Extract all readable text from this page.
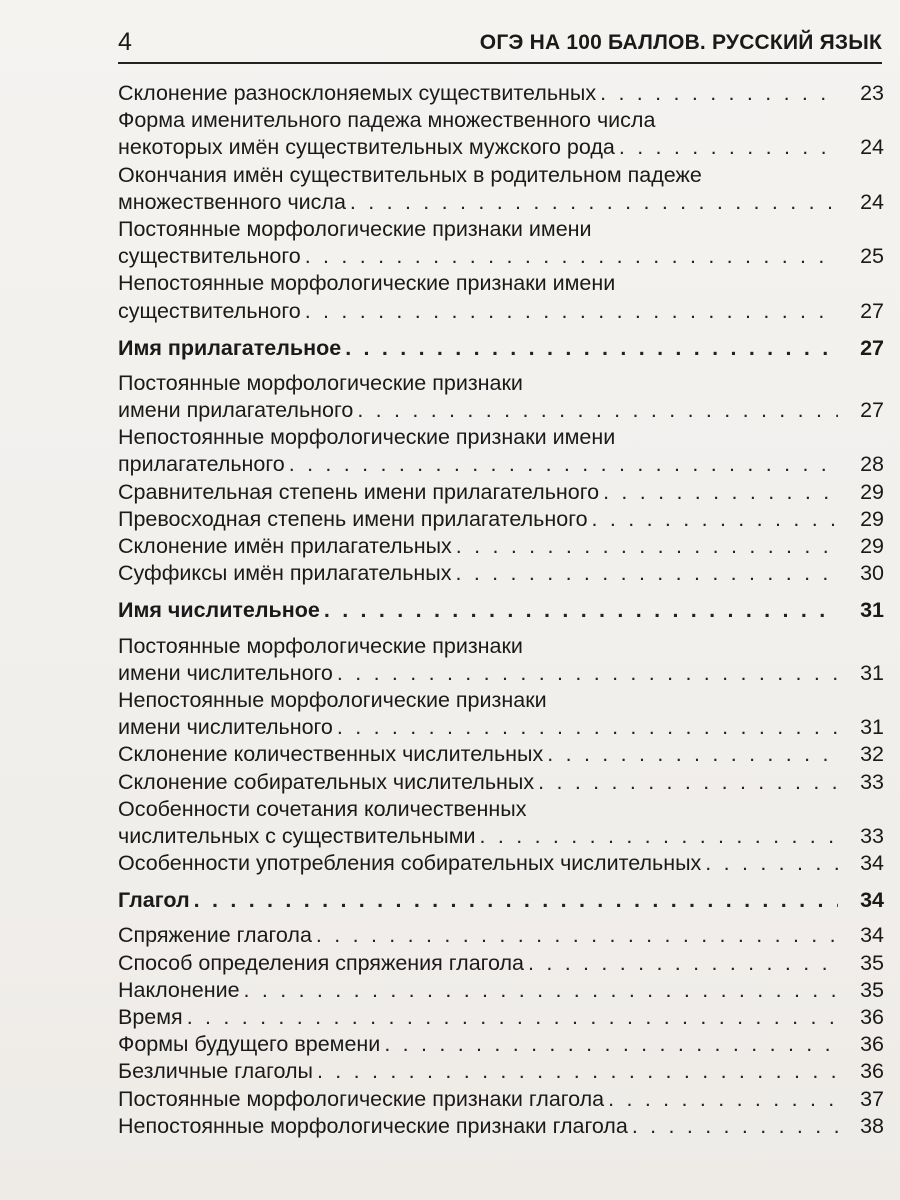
4	ОГЭ НА 100 БАЛЛОВ. РУССКИЙ ЯЗЫК
Склонение разносклоняемых существительных . . .	23
Форма именительного падежа множественного числа
некоторых имён существительных мужского рода . . .	24
Окончания имён существительных в родительном падеже
множественного числа . . .	24
Постоянные морфологические признаки имени
существительного . . .	25
Непостоянные морфологические признаки имени
существительного . . .	27
Имя прилагательное . . .	27
Постоянные морфологические признаки
имени прилагательного . . .	27
Непостоянные морфологические признаки имени
прилагательного . . .	28
Сравнительная степень имени прилагательного . . .	29
Превосходная степень имени прилагательного . . .	29
Склонение имён прилагательных . . .	29
Суффиксы имён прилагательных . . .	30
Имя числительное . . .	31
Постоянные морфологические признаки
имени числительного . . .	31
Непостоянные морфологические признаки
имени числительного . . .	31
Склонение количественных числительных . . .	32
Склонение собирательных числительных . . .	33
Особенности сочетания количественных
числительных с существительными . . .	33
Особенности употребления собирательных числительных . . .	34
Глагол . . .	34
Спряжение глагола . . .	34
Способ определения спряжения глагола . . .	35
Наклонение . . .	35
Время . . .	36
Формы будущего времени . . .	36
Безличные глаголы . . .	36
Постоянные морфологические признаки глагола . . .	37
Непостоянные морфологические признаки глагола . . .	38
